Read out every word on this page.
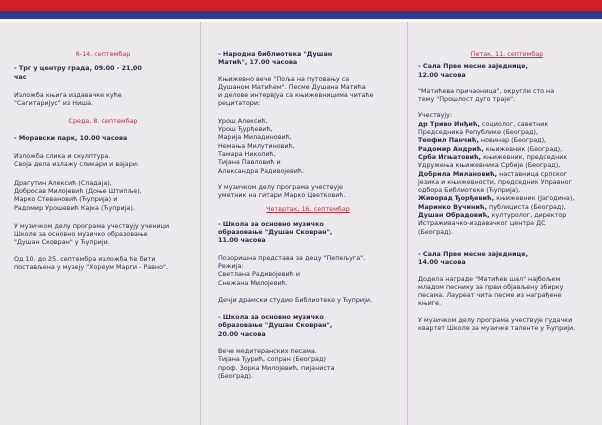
6-14. септембар

- Трг у центру града, 09.00 - 21.00
час

Изложба књига издавачке куће
"Сагитаријус" из Ниша.

Среда, 8. септембар

- Моравски парк, 10.00 часова

Изложба слика и скулптура.
Своја дела излажу сликари и вајари:

Драгутин Алексић (Сладаја),
Добросав Милојевић (Доње Штипље),
Марко Стевановић (Ћуприја) и
Радомир Урошевић Кајка (Ћуприја).

У музичком делу програма учествују ученици
Школе за основно музичко образовање
"Душан Сковран" у Ћуприји.

Од 10. до 25. септембра изложба ће бити
постављена у музеју "Хореум Марги - Равно".

- Народна библиотека "Душан
Матић", 17.00 часова

Књижевно вече "Поља на путовању са
Душаном Матићем". Песме Душана Матића
и делове интервјуа са књижевницима читаће
рецитатори:

Урош Алексић,
Урош Ђурђевић,
Марија Миладиновић,
Немања Милутиновић,
Тамара Николић,
Тијана Павловић и
Александра Радивојевић.

У музичком делу програма учествује
уметник на гитари Марко Цветковић.

Четвртак, 16. септембар

- Школа за основно музичко
образовање "Душан Сковран",
11.00 часова

Позоришна представа за децу "Пепељуга".
Режија:
Светлана Радивојевић и
Снежана Милојевић.

Дечји драмски студио Библиотеке у Ћуприји.

- Школа за основно музичко
образовање "Душан Сковран",
20.00 часова

Вече медитеранских песама.
Тијана Ђурић, сопран (Београд)
проф. Зорка Милојевић, пијаниста
(Београд).

Петак, 11. септембар

- Сала Прве месне заједнице,
12.00 часова

"Матићева причаоница", округли сто на
тему "Прошлост дуго траје".

Учествују:

др Тривo Инђић, социолог, саветник
Председника Републике (Београд),

Теофил Панчић, новинар (Београд),

Радомир Андрић, књижевник (Београд),

Срба Игњатовић, књижевник, председник
Удружења књижевника Србије (Београд),

Добрила Милановић, наставница српског
језика и књижевности, председник Управног
одбора Библиотеке (Ћуприја),

Живорад Ђорђевић, књижевник (Јагодина),

Маринко Вучинић, публициста (Београд),

Душан Обрадовић, културолог, директор
Истраживачко-издавачког центра ДС
(Београд).

- Сала Прве месне заједнице,
14.00 часова

Додела награде "Матићев шал" најбољем
младом песнику за први објављену збирку
песама. Лауреат чита песме из награђене
књиге.

У музичком делу програма учествује гудачки
квартет Школе за музичке таленте у Ћуприји.
